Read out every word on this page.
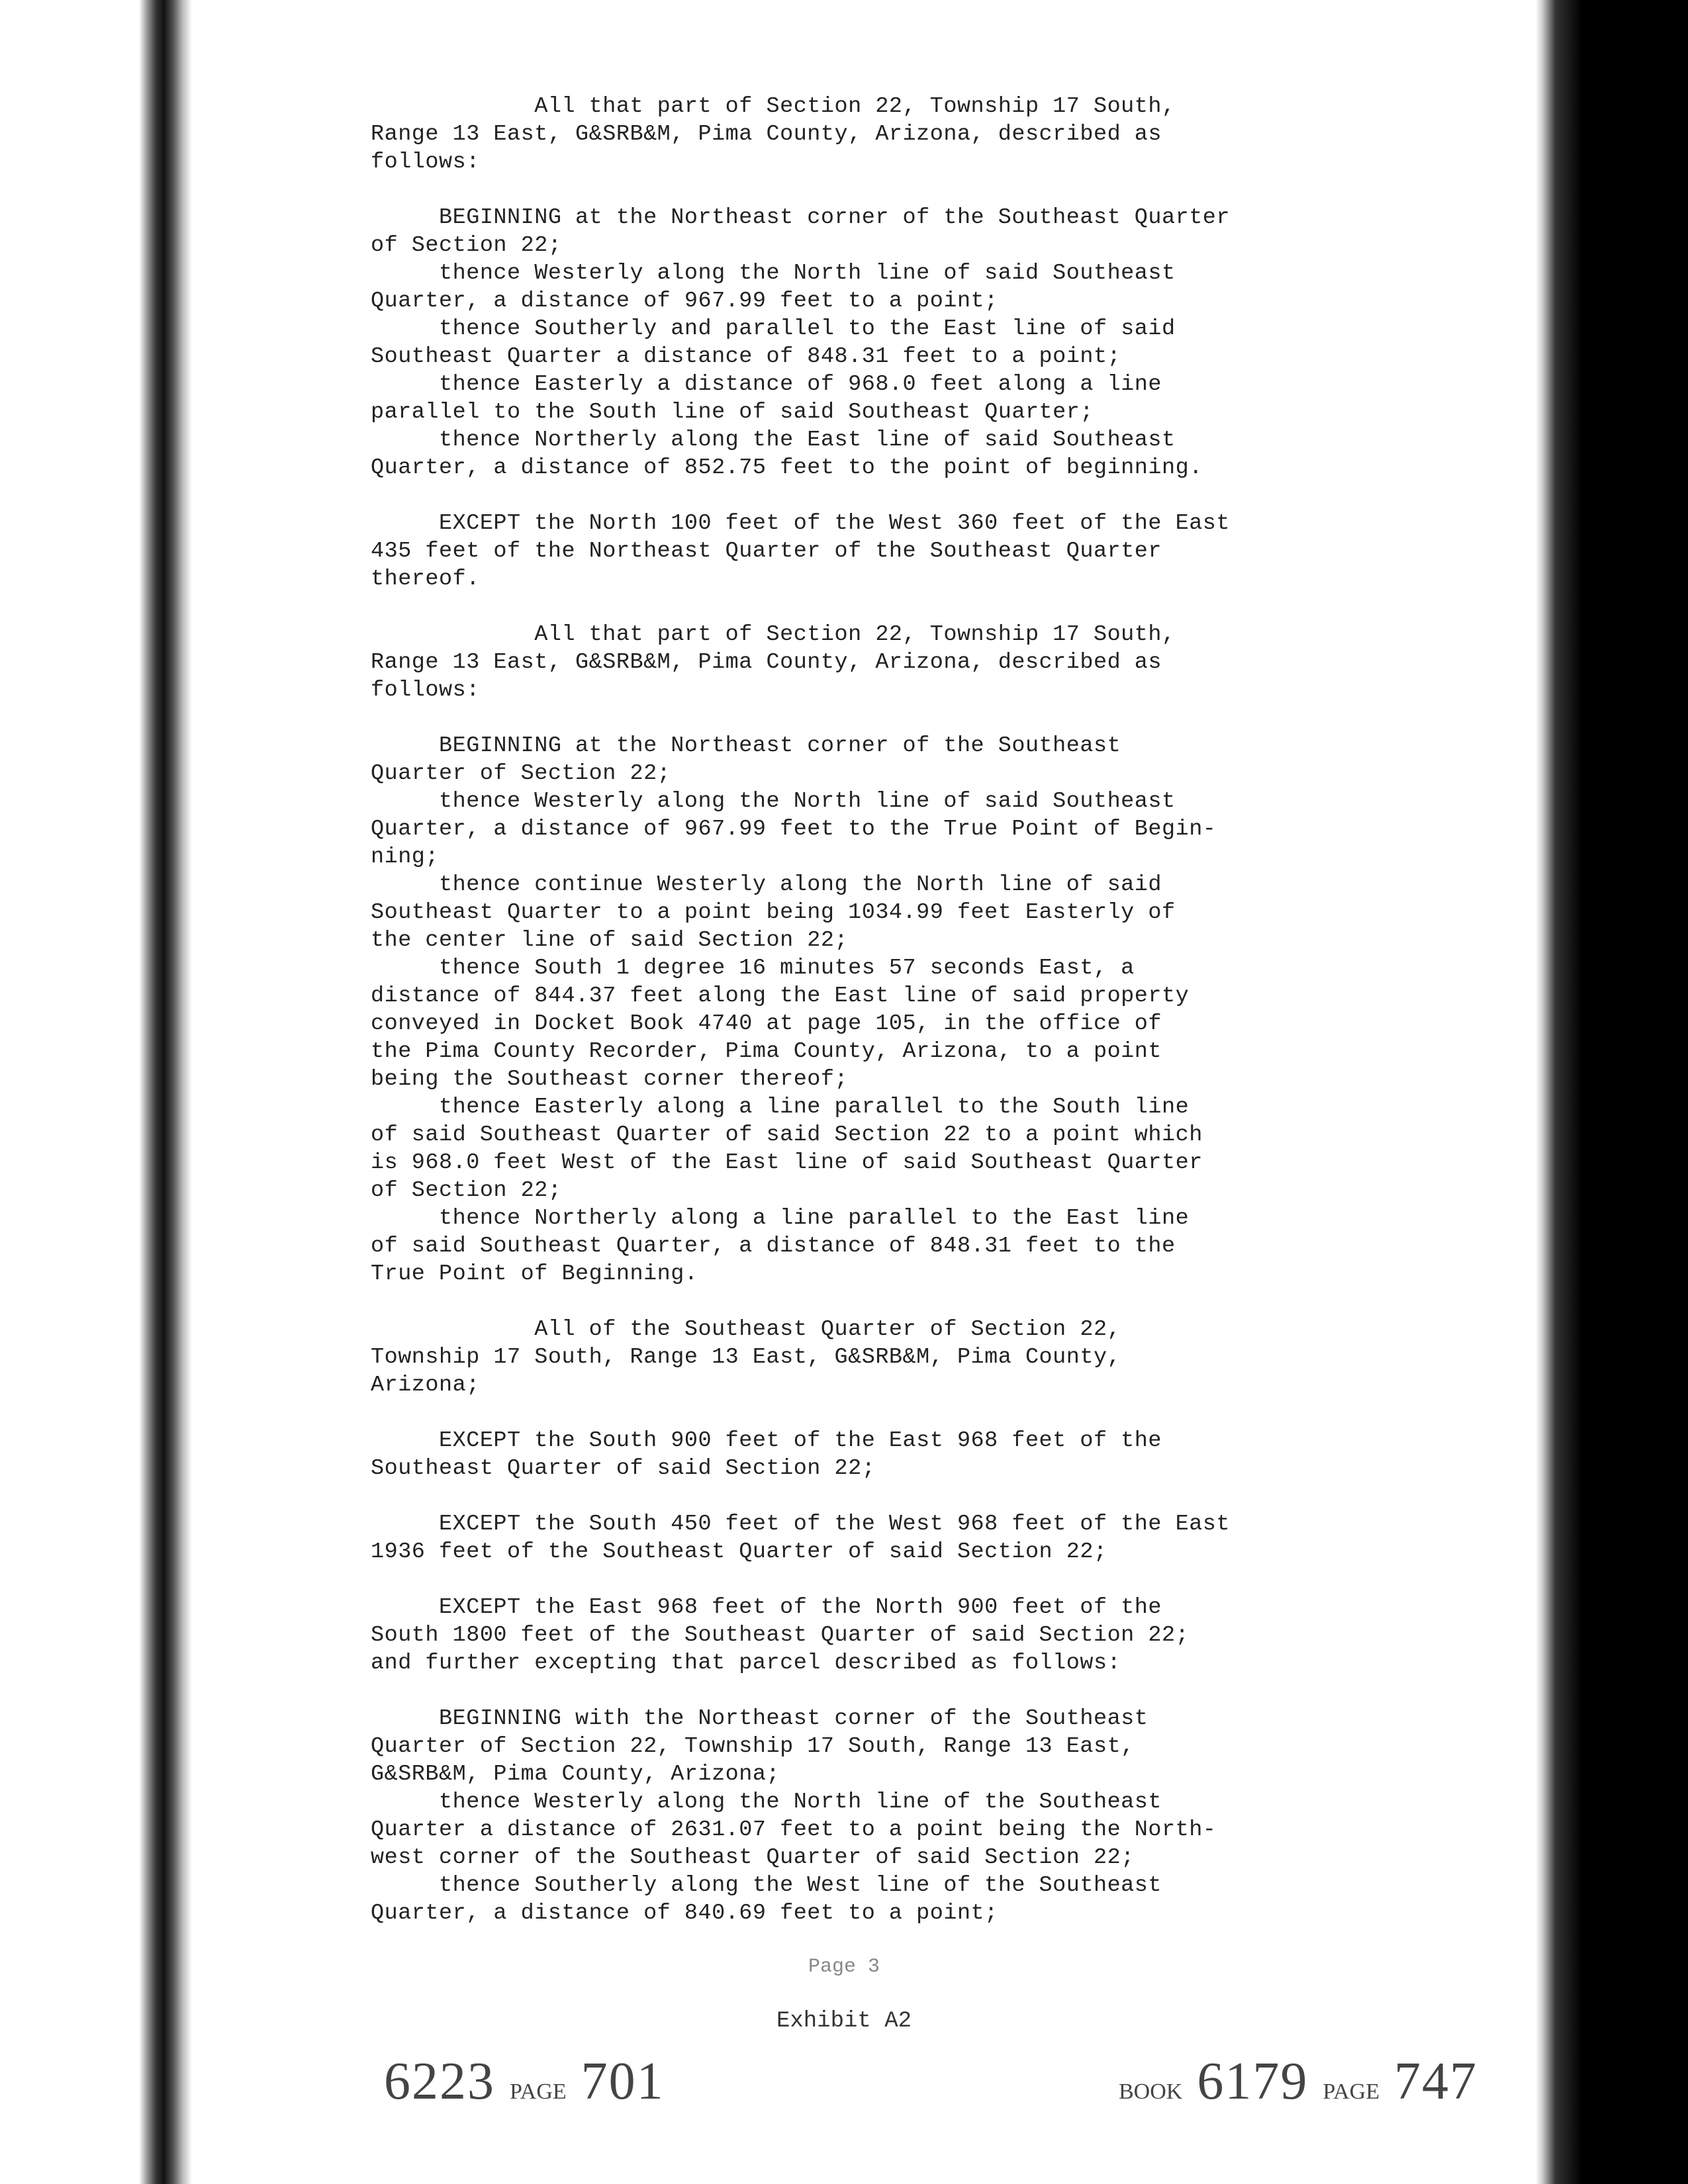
All that part of Section 22, Township 17 South,
Range 13 East, G&SRB&M, Pima County, Arizona, described as
follows:
BEGINNING at the Northeast corner of the Southeast Quarter
of Section 22;
thence Westerly along the North line of said Southeast
Quarter, a distance of 967.99 feet to a point;
thence Southerly and parallel to the East line of said
Southeast Quarter a distance of 848.31 feet to a point;
thence Easterly a distance of 968.0 feet along a line
parallel to the South line of said Southeast Quarter;
thence Northerly along the East line of said Southeast
Quarter, a distance of 852.75 feet to the point of beginning.
EXCEPT the North 100 feet of the West 360 feet of the East
435 feet of the Northeast Quarter of the Southeast Quarter
thereof.
All that part of Section 22, Township 17 South,
Range 13 East, G&SRB&M, Pima County, Arizona, described as
follows:
BEGINNING at the Northeast corner of the Southeast
Quarter of Section 22;
thence Westerly along the North line of said Southeast
Quarter, a distance of 967.99 feet to the True Point of Begin-
ning;
thence continue Westerly along the North line of said
Southeast Quarter to a point being 1034.99 feet Easterly of
the center line of said Section 22;
thence South 1 degree 16 minutes 57 seconds East, a
distance of 844.37 feet along the East line of said property
conveyed in Docket Book 4740 at page 105, in the office of
the Pima County Recorder, Pima County, Arizona, to a point
being the Southeast corner thereof;
thence Easterly along a line parallel to the South line
of said Southeast Quarter of said Section 22 to a point which
is 968.0 feet West of the East line of said Southeast Quarter
of Section 22;
thence Northerly along a line parallel to the East line
of said Southeast Quarter, a distance of 848.31 feet to the
True Point of Beginning.
All of the Southeast Quarter of Section 22,
Township 17 South, Range 13 East, G&SRB&M, Pima County,
Arizona;
EXCEPT the South 900 feet of the East 968 feet of the
Southeast Quarter of said Section 22;
EXCEPT the South 450 feet of the West 968 feet of the East
1936 feet of the Southeast Quarter of said Section 22;
EXCEPT the East 968 feet of the North 900 feet of the
South 1800 feet of the Southeast Quarter of said Section 22;
and further excepting that parcel described as follows:
BEGINNING with the Northeast corner of the Southeast
Quarter of Section 22, Township 17 South, Range 13 East,
G&SRB&M, Pima County, Arizona;
thence Westerly along the North line of the Southeast
Quarter a distance of 2631.07 feet to a point being the North-
west corner of the Southeast Quarter of said Section 22;
thence Southerly along the West line of the Southeast
Quarter, a distance of 840.69 feet to a point;
Page 3
Exhibit A2
6223 PAGE 701	BOOK 6179 PAGE 747
